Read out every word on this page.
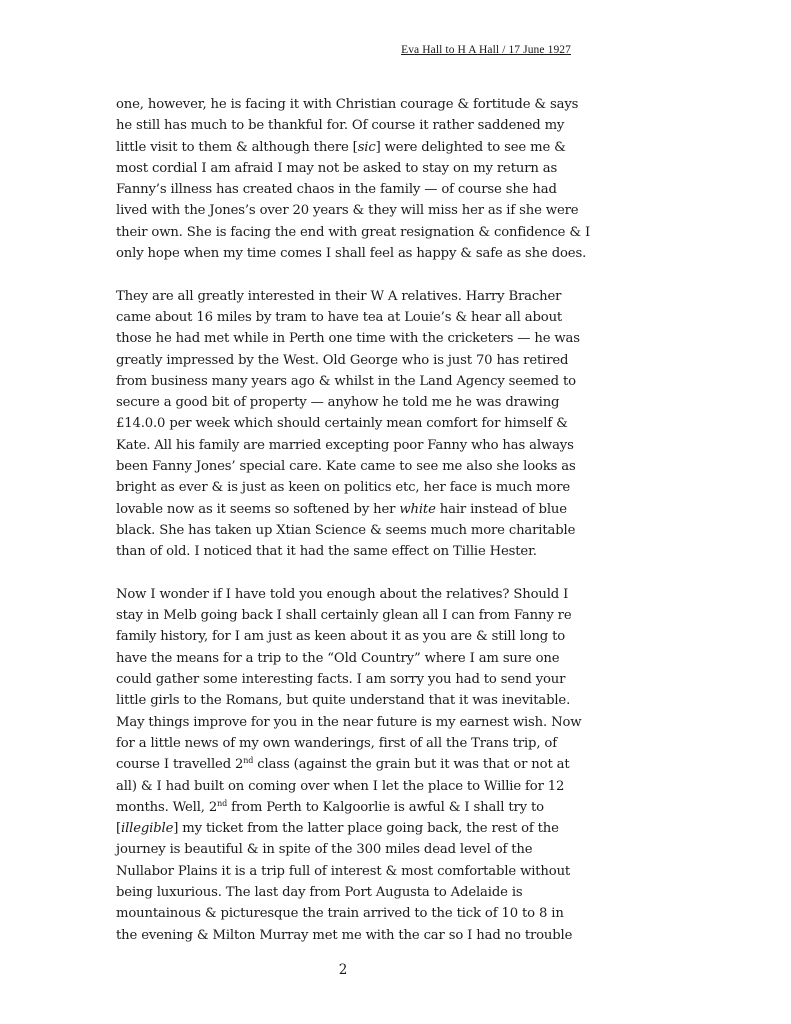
Eva Hall to H A Hall / 17 June 1927
one, however, he is facing it with Christian courage & fortitude & says
he still has much to be thankful for. Of course it rather saddened my
little visit to them & although there [sic] were delighted to see me &
most cordial I am afraid I may not be asked to stay on my return as
Fanny’s illness has created chaos in the family — of course she had
lived with the Jones’s over 20 years & they will miss her as if she were
their own. She is facing the end with great resignation & confidence & I
only hope when my time comes I shall feel as happy & safe as she does.
They are all greatly interested in their W A relatives. Harry Bracher
came about 16 miles by tram to have tea at Louie’s & hear all about
those he had met while in Perth one time with the cricketers — he was
greatly impressed by the West. Old George who is just 70 has retired
from business many years ago & whilst in the Land Agency seemed to
secure a good bit of property — anyhow he told me he was drawing
£14.0.0 per week which should certainly mean comfort for himself &
Kate. All his family are married excepting poor Fanny who has always
been Fanny Jones’ special care. Kate came to see me also she looks as
bright as ever & is just as keen on politics etc, her face is much more
lovable now as it seems so softened by her white hair instead of blue
black. She has taken up Xtian Science & seems much more charitable
than of old. I noticed that it had the same effect on Tillie Hester.
Now I wonder if I have told you enough about the relatives? Should I
stay in Melb going back I shall certainly glean all I can from Fanny re
family history, for I am just as keen about it as you are & still long to
have the means for a trip to the “Old Country” where I am sure one
could gather some interesting facts. I am sorry you had to send your
little girls to the Romans, but quite understand that it was inevitable.
May things improve for you in the near future is my earnest wish. Now
for a little news of my own wanderings, first of all the Trans trip, of
course I travelled 2nd class (against the grain but it was that or not at
all) & I had built on coming over when I let the place to Willie for 12
months. Well, 2nd from Perth to Kalgoorlie is awful & I shall try to
[illegible] my ticket from the latter place going back, the rest of the
journey is beautiful & in spite of the 300 miles dead level of the
Nullabor Plains it is a trip full of interest & most comfortable without
being luxurious. The last day from Port Augusta to Adelaide is
mountainous & picturesque the train arrived to the tick of 10 to 8 in
the evening & Milton Murray met me with the car so I had no trouble
2
